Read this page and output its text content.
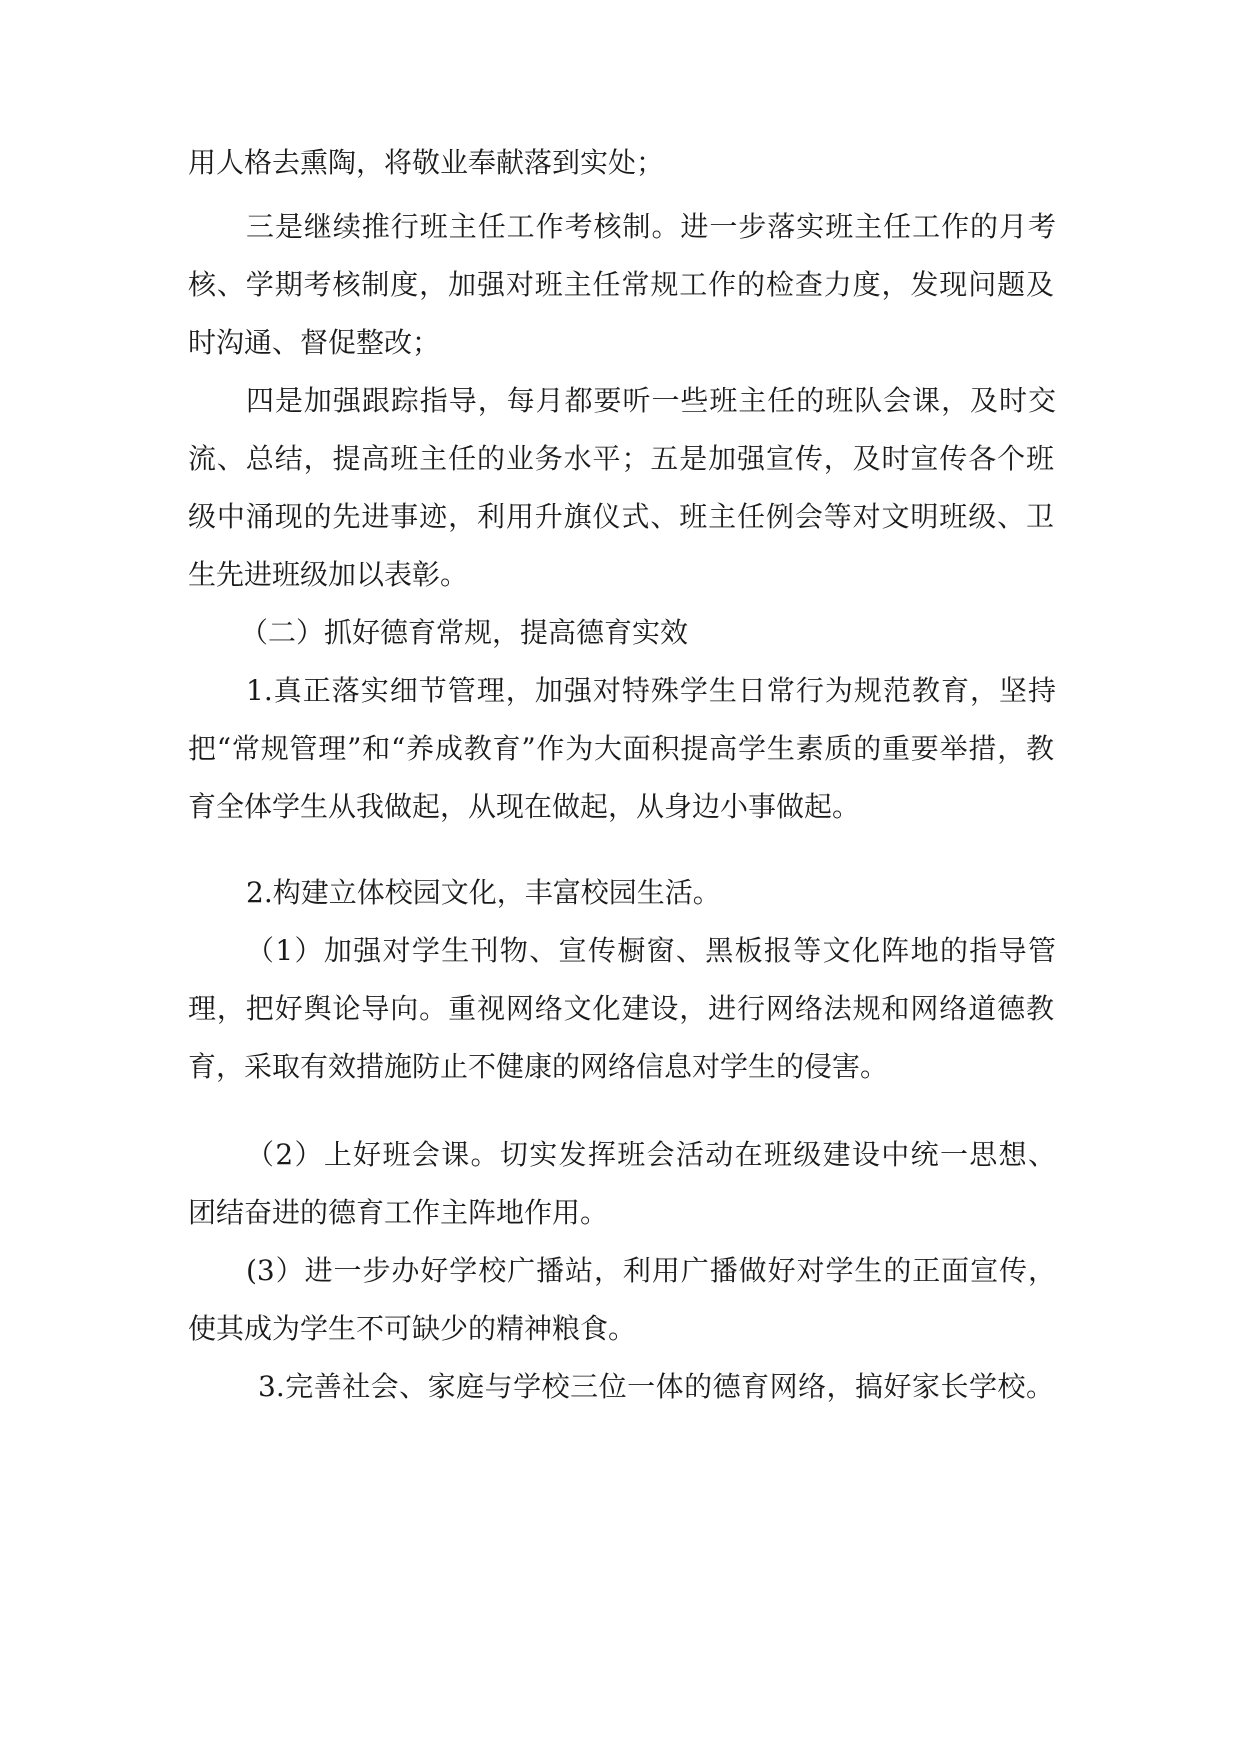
用人格去熏陶，将敬业奉献落到实处；
三是继续推行班主任工作考核制。进一步落实班主任工作的月考
核、学期考核制度，加强对班主任常规工作的检查力度，发现问题及
时沟通、督促整改；
四是加强跟踪指导，每月都要听一些班主任的班队会课，及时交
流、总结，提高班主任的业务水平；五是加强宣传，及时宣传各个班
级中涌现的先进事迹，利用升旗仪式、班主任例会等对文明班级、卫
生先进班级加以表彰。
（二）抓好德育常规，提高德育实效
1.真正落实细节管理，加强对特殊学生日常行为规范教育，坚持
把“常规管理”和“养成教育”作为大面积提高学生素质的重要举措，教
育全体学生从我做起，从现在做起，从身边小事做起。
2.构建立体校园文化，丰富校园生活。
（1）加强对学生刊物、宣传橱窗、黑板报等文化阵地的指导管
理，把好舆论导向。重视网络文化建设，进行网络法规和网络道德教
育，采取有效措施防止不健康的网络信息对学生的侵害。
（2）上好班会课。切实发挥班会活动在班级建设中统一思想、
团结奋进的德育工作主阵地作用。
(3）进一步办好学校广播站，利用广播做好对学生的正面宣传，
使其成为学生不可缺少的精神粮食。
3.完善社会、家庭与学校三位一体的德育网络，搞好家长学校。
